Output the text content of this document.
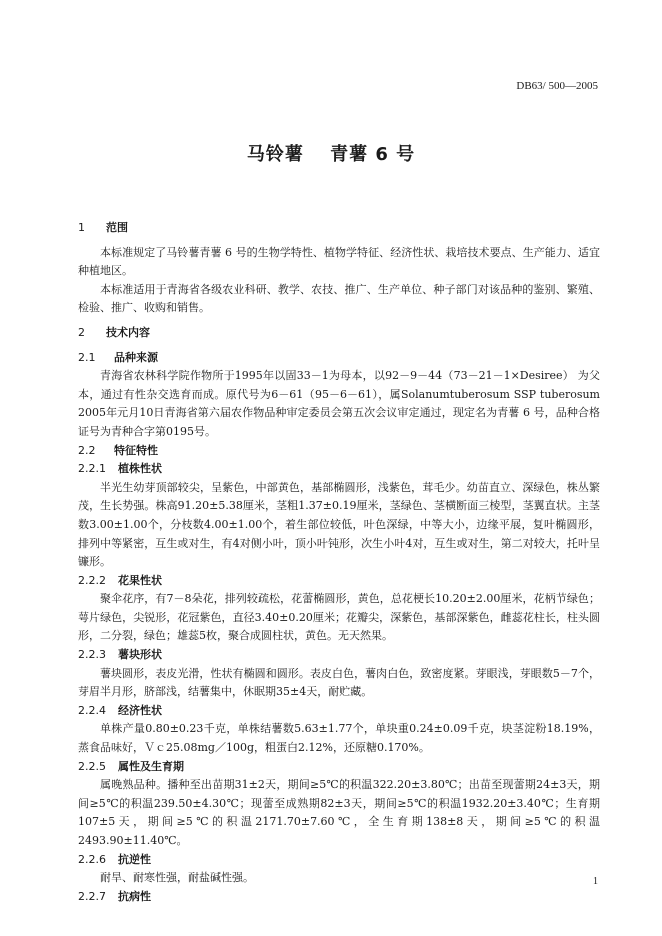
DB63/ 500—2005
马铃薯　 青薯 6 号
1 范围

本标准规定了马铃薯青薯 6 号的生物学特性、植物学特征、经济性状、栽培技术要点、生产能力、适宜种植地区。

本标准适用于青海省各级农业科研、教学、农技、推广、生产单位、种子部门对该品种的鉴别、繁殖、检验、推广、收购和销售。

2 技术内容
2.1 品种来源

青海省农林科学院作物所于1995年以固33－1为母本，以92－9－44（73－21－1×Desiree） 为父本，通过有性杂交选育而成。原代号为6－61（95－6－61），属Solanumtuberosum SSP tuberosum 2005年元月10日青海省第六届农作物品种审定委员会第五次会议审定通过，现定名为青薯 6 号，品种合格证号为青种合字第0195号。

2.2 特征特性
2.2.1 植株性状

半光生幼芽顶部较尖，呈紫色，中部黄色，基部椭圆形，浅紫色，茸毛少。幼苗直立、深绿色，株丛繁茂，生长势强。株高91.20±5.38厘米，茎粗1.37±0.19厘米，茎绿色、茎横断面三棱型，茎翼直状。主茎数3.00±1.00个，分枝数4.00±1.00个，着生部位较低，叶色深绿，中等大小，边缘平展，复叶椭圆形，排列中等紧密，互生或对生，有4对侧小叶，顶小叶钝形，次生小叶4对，互生或对生，第二对较大，托叶呈镰形。

2.2.2 花果性状

聚伞花序，有7－8朵花，排列较疏松，花蕾椭圆形，黄色，总花梗长10.20±2.00厘米，花柄节绿色；萼片绿色，尖锐形，花冠紫色，直径3.40±0.20厘米；花瓣尖，深紫色，基部深紫色，雌蕊花柱长，柱头圆形，二分裂，绿色；雄蕊5枚，聚合成圆柱状，黄色。无天然果。

2.2.3 薯块形状

薯块圆形，表皮光滑，性状有椭圆和圆形。表皮白色，薯肉白色，致密度紧。芽眼浅，芽眼数5－7个，芽眉半月形，脐部浅，结薯集中，休眠期35±4天，耐贮藏。

2.2.4 经济性状

单株产量0.80±0.23千克，单株结薯数5.63±1.77个，单块重0.24±0.09千克，块茎淀粉18.19%，蒸食品味好，Ｖｃ25.08mg／100g，粗蛋白2.12%，还原糖0.170%。

2.2.5 属性及生育期

属晚熟品种。播种至出苗期31±2天，期间≥5℃的积温322.20±3.80℃；出苗至现蕾期24±3天，期间≥5℃的积温239.50±4.30℃；现蕾至成熟期82±3天，期间≥5℃的积温1932.20±3.40℃；生育期107±5天，期间≥5℃的积温2171.70±7.60℃，全生育期138±8天，期间≥5℃的积温2493.90±11.40℃。

2.2.6 抗逆性

耐旱、耐寒性强，耐盐碱性强。

2.2.7 抗病性
1
